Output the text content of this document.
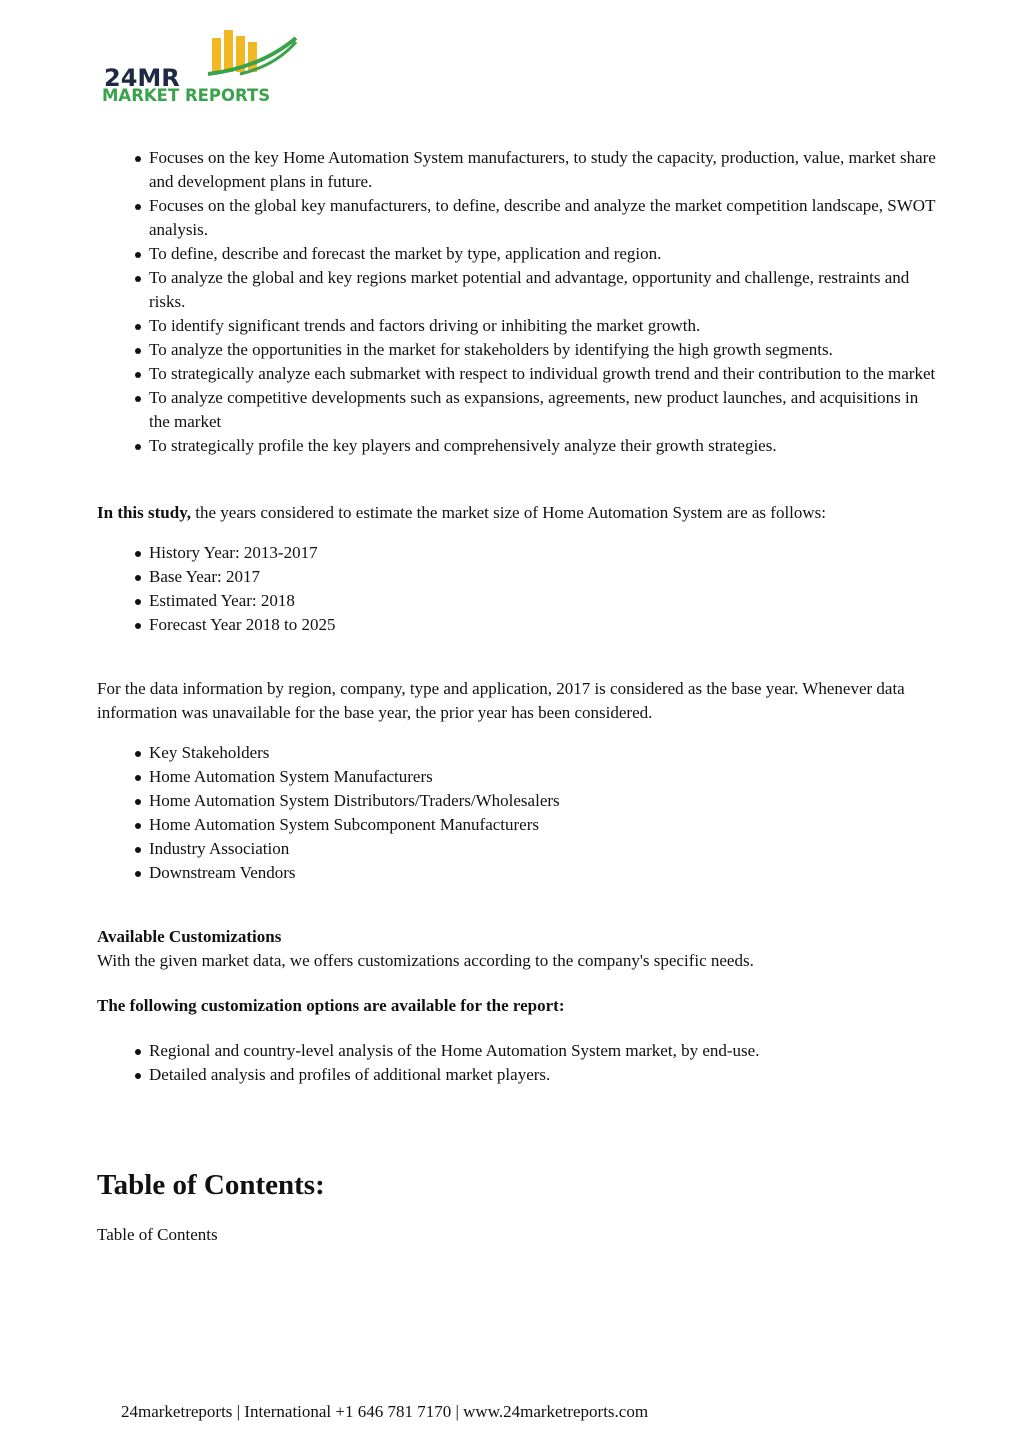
24MR
MARKET REPORTS
Focuses on the key Home Automation System manufacturers, to study the capacity, production, value, market share and development plans in future.
Focuses on the global key manufacturers, to define, describe and analyze the market competition landscape, SWOT analysis.
To define, describe and forecast the market by type, application and region.
To analyze the global and key regions market potential and advantage, opportunity and challenge, restraints and risks.
To identify significant trends and factors driving or inhibiting the market growth.
To analyze the opportunities in the market for stakeholders by identifying the high growth segments.
To strategically analyze each submarket with respect to individual growth trend and their contribution to the market
To analyze competitive developments such as expansions, agreements, new product launches, and acquisitions in the market
To strategically profile the key players and comprehensively analyze their growth strategies.

In this study, the years considered to estimate the market size of Home Automation System are as follows:

History Year: 2013-2017
Base Year: 2017
Estimated Year: 2018
Forecast Year 2018 to 2025

For the data information by region, company, type and application, 2017 is considered as the base year. Whenever data information was unavailable for the base year, the prior year has been considered.

Key Stakeholders
Home Automation System Manufacturers
Home Automation System Distributors/Traders/Wholesalers
Home Automation System Subcomponent Manufacturers
Industry Association
Downstream Vendors

Available Customizations

With the given market data, we offers customizations according to the company's specific needs.

The following customization options are available for the report:

Regional and country-level analysis of the Home Automation System market, by end-use.
Detailed analysis and profiles of additional market players.
Table of Contents:

Table of Contents

24marketreports | International +1 646 781 7170 | www.24marketreports.com
